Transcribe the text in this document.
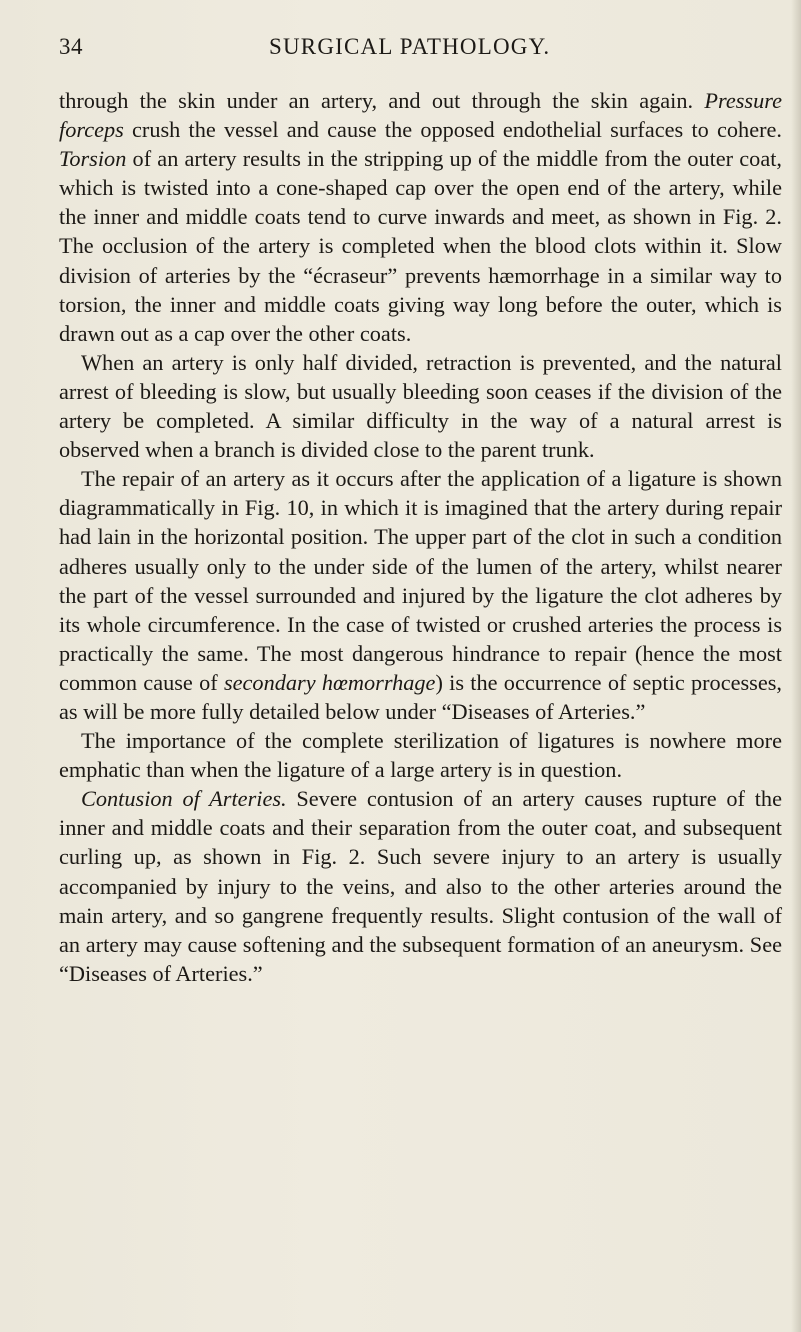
34	SURGICAL PATHOLOGY.

through the skin under an artery, and out through the skin again. Pressure forceps crush the vessel and cause the opposed endothelial surfaces to cohere. Torsion of an artery results in the stripping up of the middle from the outer coat, which is twisted into a cone-shaped cap over the open end of the artery, while the inner and middle coats tend to curve inwards and meet, as shown in Fig. 2. The occlusion of the artery is completed when the blood clots within it. Slow division of arteries by the “écraseur” prevents hæmorrhage in a similar way to torsion, the inner and middle coats giving way long before the outer, which is drawn out as a cap over the other coats.

When an artery is only half divided, retraction is prevented, and the natural arrest of bleeding is slow, but usually bleeding soon ceases if the division of the artery be completed. A similar difficulty in the way of a natural arrest is observed when a branch is divided close to the parent trunk.

The repair of an artery as it occurs after the application of a ligature is shown diagrammatically in Fig. 10, in which it is imagined that the artery during repair had lain in the horizontal position. The upper part of the clot in such a condition adheres usually only to the under side of the lumen of the artery, whilst nearer the part of the vessel surrounded and injured by the ligature the clot adheres by its whole circumference. In the case of twisted or crushed arteries the process is practically the same. The most dangerous hindrance to repair (hence the most common cause of secondary hœmorrhage) is the occurrence of septic processes, as will be more fully detailed below under “Diseases of Arteries.”

The importance of the complete sterilization of ligatures is nowhere more emphatic than when the ligature of a large artery is in question.

Contusion of Arteries. Severe contusion of an artery causes rupture of the inner and middle coats and their separation from the outer coat, and subsequent curling up, as shown in Fig. 2. Such severe injury to an artery is usually accompanied by injury to the veins, and also to the other arteries around the main artery, and so gangrene frequently results. Slight contusion of the wall of an artery may cause softening and the subsequent formation of an aneurysm. See “Diseases of Arteries.”
